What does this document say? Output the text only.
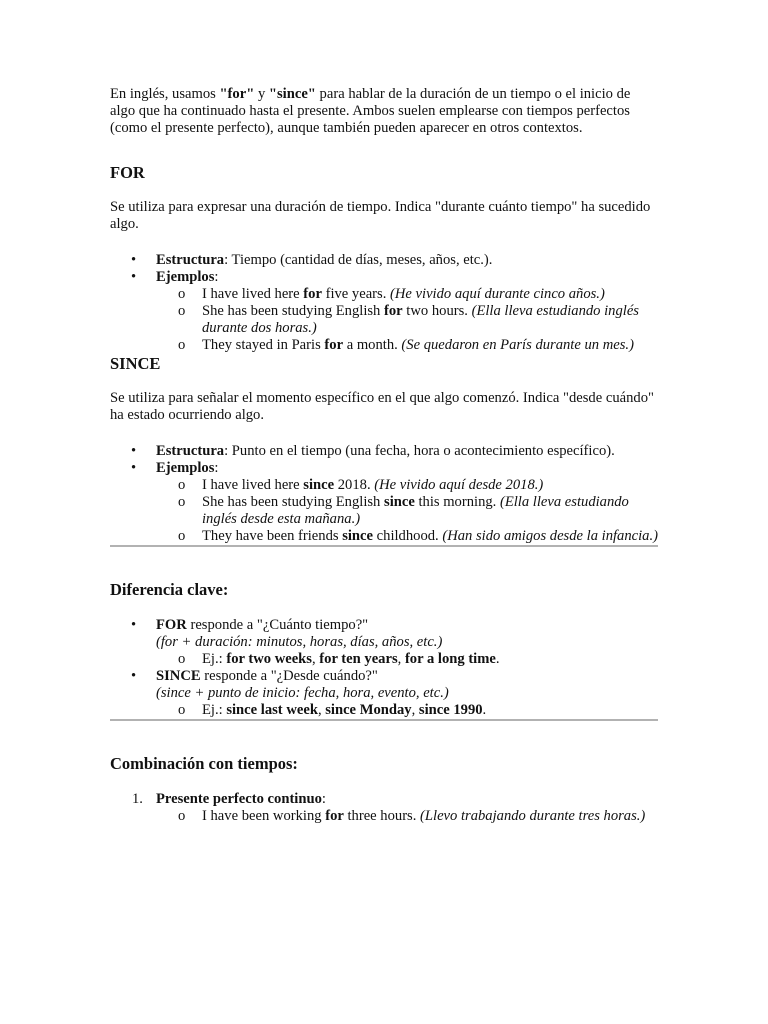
En inglés, usamos "for" y "since" para hablar de la duración de un tiempo o el inicio de algo que ha continuado hasta el presente. Ambos suelen emplearse con tiempos perfectos (como el presente perfecto), aunque también pueden aparecer en otros contextos.

FOR

Se utiliza para expresar una duración de tiempo. Indica "durante cuánto tiempo" ha sucedido algo.

• Estructura: Tiempo (cantidad de días, meses, años, etc.).
• Ejemplos:
o I have lived here for five years. (He vivido aquí durante cinco años.)
o She has been studying English for two hours. (Ella lleva estudiando inglés durante dos horas.)
o They stayed in Paris for a month. (Se quedaron en París durante un mes.)
SINCE

Se utiliza para señalar el momento específico en el que algo comenzó. Indica "desde cuándo" ha estado ocurriendo algo.

• Estructura: Punto en el tiempo (una fecha, hora o acontecimiento específico).
• Ejemplos:
o I have lived here since 2018. (He vivido aquí desde 2018.)
o She has been studying English since this morning. (Ella lleva estudiando inglés desde esta mañana.)
o They have been friends since childhood. (Han sido amigos desde la infancia.)
Diferencia clave:
• FOR responde a "¿Cuánto tiempo?"
(for + duración: minutos, horas, días, años, etc.)
o Ej.: for two weeks, for ten years, for a long time.
• SINCE responde a "¿Desde cuándo?"
(since + punto de inicio: fecha, hora, evento, etc.)
o Ej.: since last week, since Monday, since 1990.
Combinación con tiempos:
1. Presente perfecto continuo:
o I have been working for three hours. (Llevo trabajando durante tres horas.)
